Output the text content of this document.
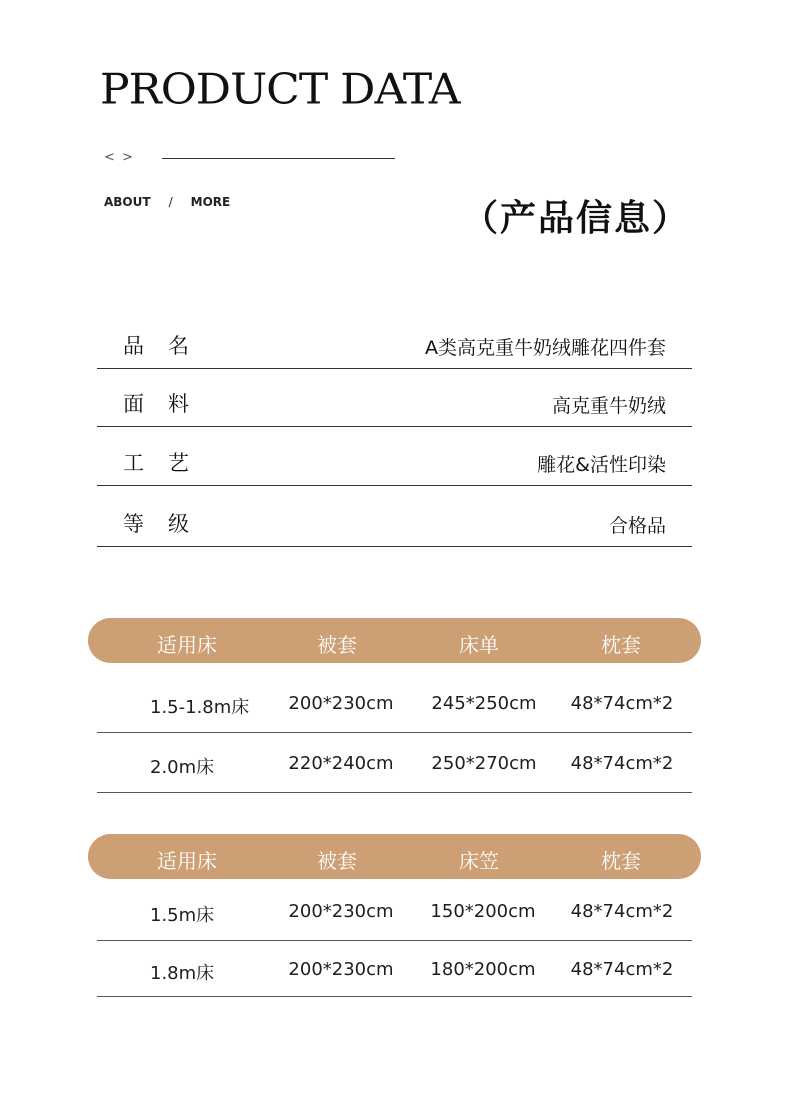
PRODUCT DATA
< >
ABOUT / MORE	（产品信息）
品名	A类高克重牛奶绒雕花四件套
面料	高克重牛奶绒
工艺	雕花&活性印染
等级	合格品
适用床	被套	床单	枕套
1.5-1.8m床 200*230cm 245*250cm 48*74cm*2
2.0m床	220*240cm 250*270cm 48*74cm*2
适用床	被套	床笠	枕套
1.5m床	200*230cm 150*200cm 48*74cm*2
1.8m床	200*230cm 180*200cm 48*74cm*2
